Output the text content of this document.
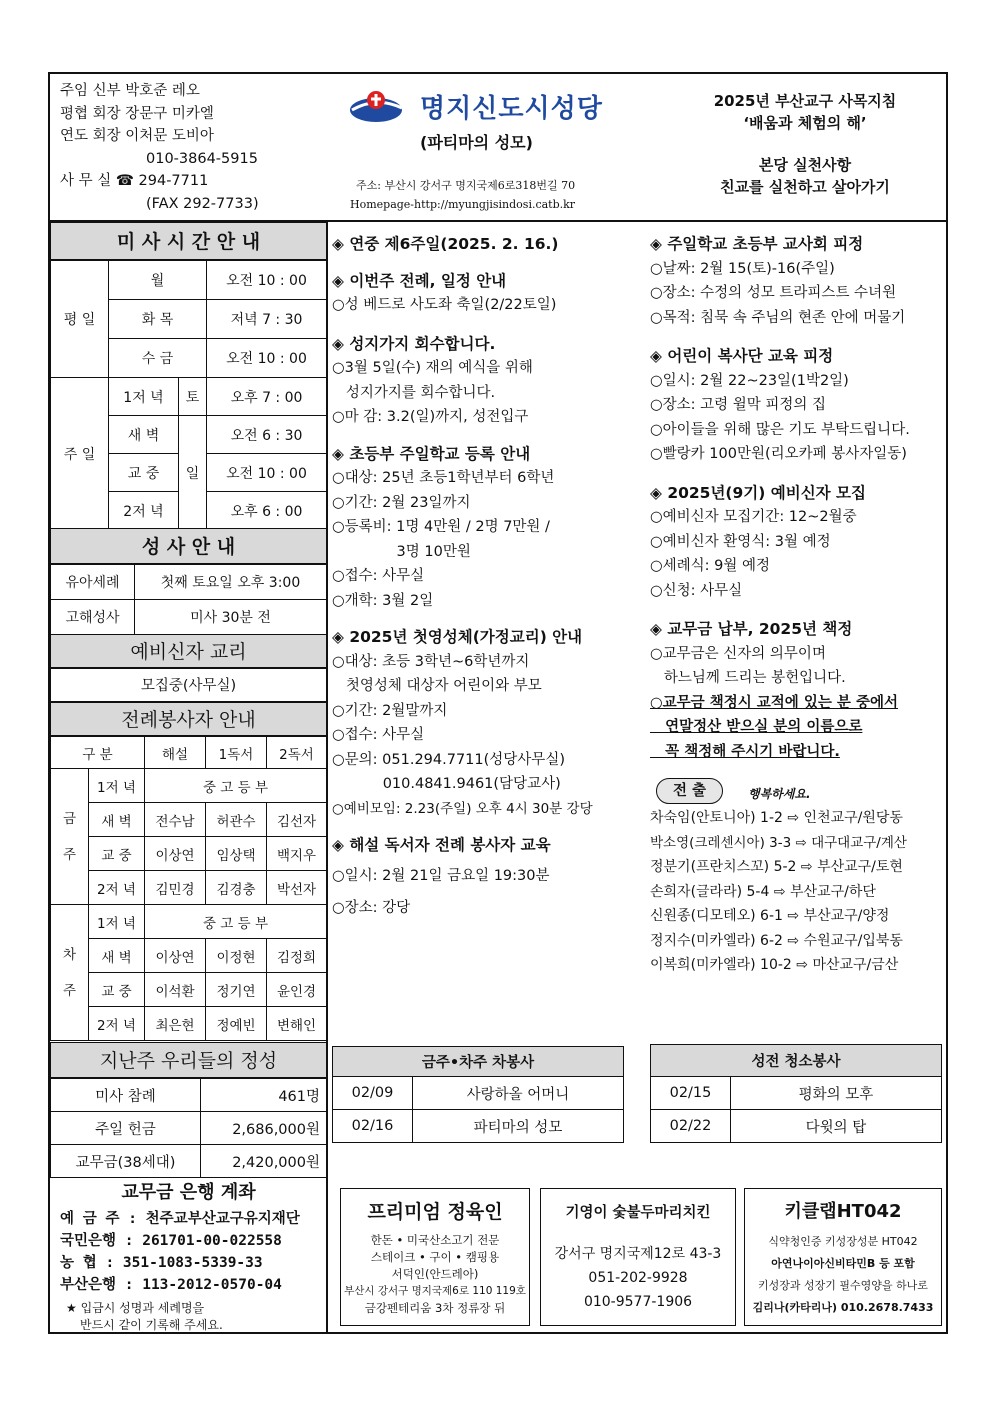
주임 신부 박호준 레오
평협 회장 장문구 미카엘
연도 회장 이처문 도비아
010-3864-5915
사 무 실 ☎ 294-7711
(FAX 292-7733)
명지신도시성당
(파티마의 성모)
주소: 부산시 강서구 명지국제6로318번길 70
Homepage-http://myungjisindosi.catb.kr
2025년 부산교구 사목지침
‘배움과 체험의 해’
본당 실천사항
친교를 실천하고 살아가기
미 사 시 간 안 내
평 일	월		오전 10 : 00
	화 목		저녁 7 : 30
	수 금		오전 10 : 00
주 일	1저 녁	토	오후 7 : 00
	새 벽	일	오전 6 : 30
	교 중		오전 10 : 00
	2저 녁		오후 6 : 00
성 사 안 내
유아세례	첫째 토요일 오후 3:00
고해성사	미사 30분 전
예비신자 교리
모집중(사무실)
전례봉사자 안내
구 분		해설	1독서	2독서
금
주	1저 녁	중 고 등 부		
	새 벽	전수남	허관수	김선자
	교 중	이상연	임상택	백지우
	2저 녁	김민경	김경충	박선자
차
주	1저 녁	중 고 등 부		
	새 벽	이상연	이정현	김정희
	교 중	이석환	정기연	윤인경
	2저 녁	최은현	정예빈	변해인
지난주 우리들의 정성
미사 참례	461명
주일 헌금	2,686,000원
교무금(38세대)	2,420,000원
교무금 은행 계좌
예 금 주 : 천주교부산교구유지재단
국민은행 : 261701-00-022558
농 협 : 351-1083-5339-33
부산은행 : 113-2012-0570-04
★ 입금시 성명과 세례명을
반드시 같이 기록해 주세요.
◈ 연중 제6주일(2025. 2. 16.)
◈ 이번주 전례, 일정 안내
○성 베드로 사도좌 축일(2/22토일)
◈ 성지가지 회수합니다.
○3월 5일(수) 재의 예식을 위해
성지가지를 회수합니다.
○마 감: 3.2(일)까지, 성전입구
◈ 초등부 주일학교 등록 안내
○대상: 25년 초등1학년부터 6학년
○기간: 2월 23일까지
○등록비: 1명 4만원 / 2명 7만원 /
3명 10만원
○접수: 사무실
○개학: 3월 2일
◈ 2025년 첫영성체(가정교리) 안내
○대상: 초등 3학년~6학년까지
첫영성체 대상자 어린이와 부모
○기간: 2월말까지
○접수: 사무실
○문의: 051.294.7711(성당사무실)
010.4841.9461(담당교사)
○예비모임: 2.23(주일) 오후 4시 30분 강당
◈ 해설 독서자 전례 봉사자 교육
○일시: 2월 21일 금요일 19:30분
○장소: 강당
◈ 주일학교 초등부 교사회 피정
○날짜: 2월 15(토)-16(주일)
○장소: 수정의 성모 트라피스트 수녀원
○목적: 침묵 속 주님의 현존 안에 머물기
◈ 어린이 복사단 교육 피정
○일시: 2월 22~23일(1박2일)
○장소: 고령 윌막 피정의 집
○아이들을 위해 많은 기도 부탁드립니다.
○빨랑카 100만원(리오카페 봉사자일동)
◈ 2025년(9기) 예비신자 모집
○예비신자 모집기간: 12~2월중
○예비신자 환영식: 3월 예정
○세례식: 9월 예정
○신청: 사무실
◈ 교무금 납부, 2025년 책정
○교무금은 신자의 의무이며
하느님께 드리는 봉헌입니다.
○교무금 책정시 교적에 있는 분 중에서
연말정산 받으실 분의 이름으로
꼭 책정해 주시기 바랍니다.
전 출	행복하세요.
차숙임(안토니아) 1-2 ⇨ 인천교구/원당동
박소영(크레센시아) 3-3 ⇨ 대구대교구/계산
정분기(프란치스꼬) 5-2 ⇨ 부산교구/토현
손희자(글라라) 5-4 ⇨ 부산교구/하단
신원종(디모테오) 6-1 ⇨ 부산교구/양정
정지수(미카엘라) 6-2 ⇨ 수원교구/입북동
이복희(미카엘라) 10-2 ⇨ 마산교구/금산
금주•차주 차봉사	
02/09	사랑하올 어머니
02/16	파티마의 성모
성전 청소봉사	
02/15	평화의 모후
02/22	다윗의 탑
프리미엄 정육인
한돈 • 미국산소고기 전문
스테이크 • 구이 • 캠핑용
서덕인(안드레아)
부산시 강서구 명지국제6로 110 119호
금강펜테리움 3차 정류장 뒤
기영이 숯불두마리치킨
강서구 명지국제12로 43-3
051-202-9928
010-9577-1906
키클랩HT042
식약청인증 키성장성분 HT042
아연나이아신비타민B 등 포함
키성장과 성장기 필수영양을 하나로
김리나(카타리나) 010.2678.7433
